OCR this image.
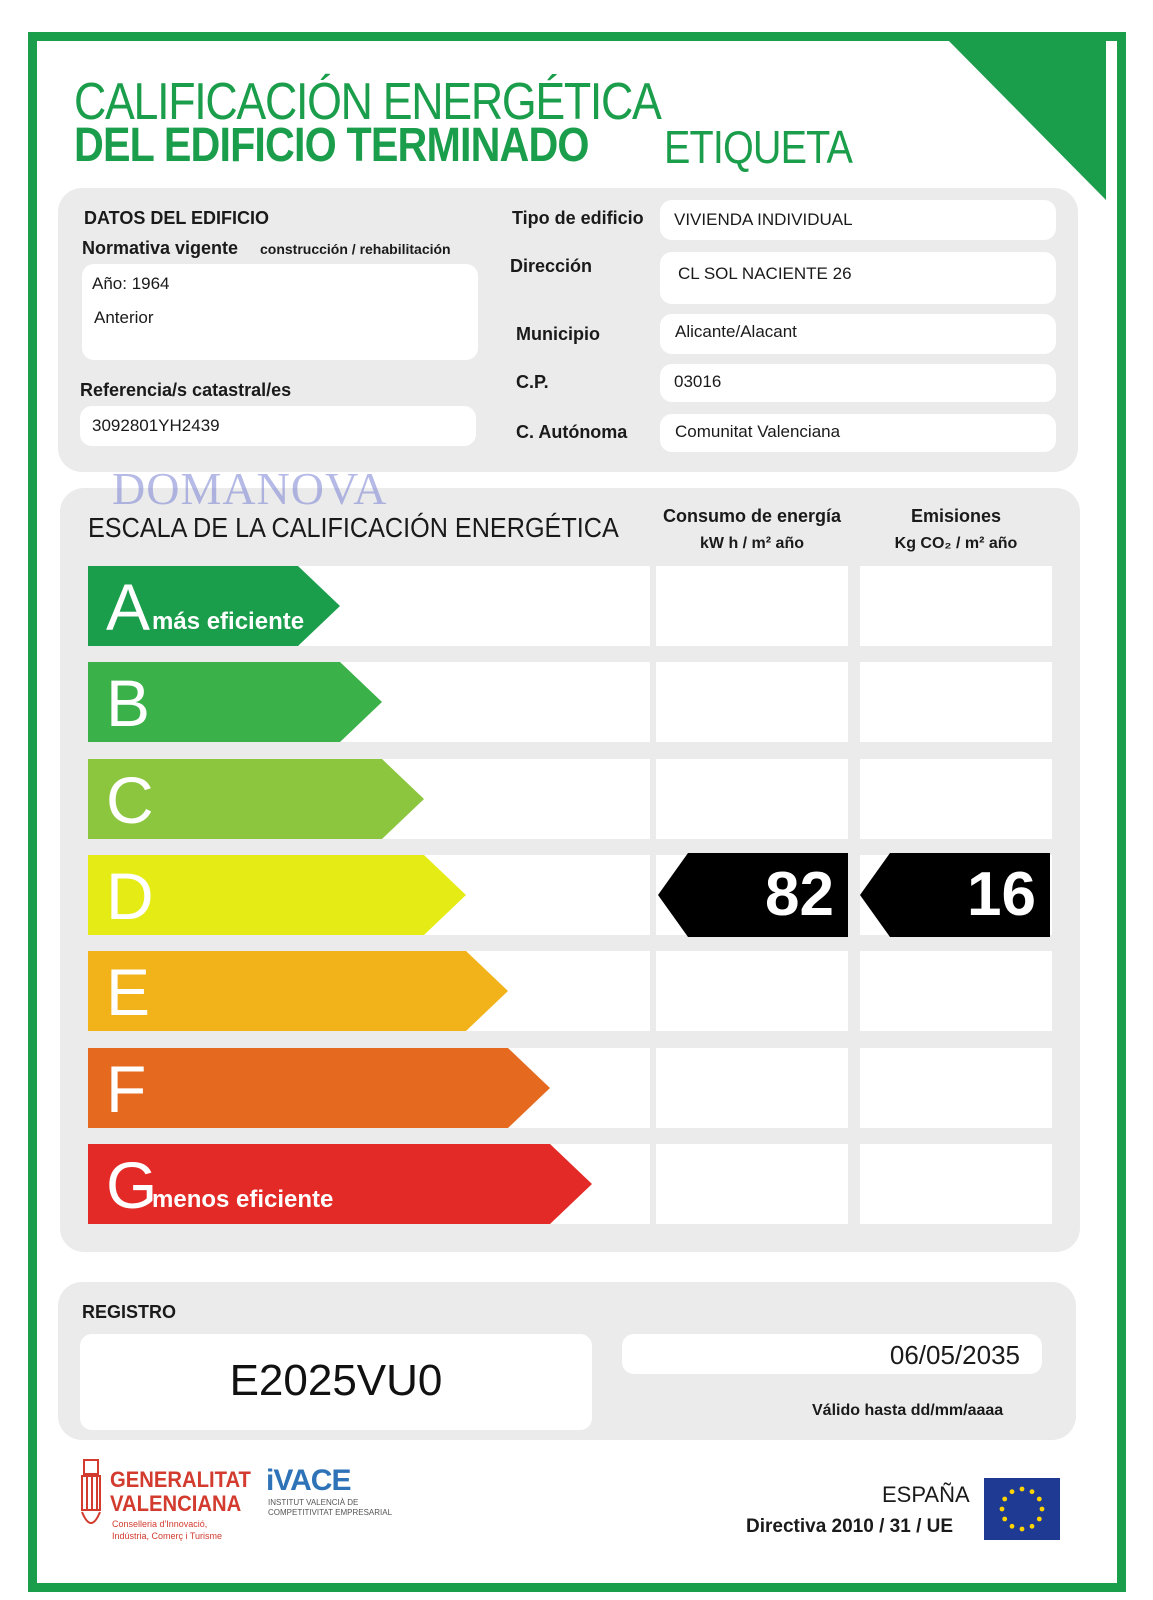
CALIFICACIÓN ENERGÉTICA
DEL EDIFICIO TERMINADO ETIQUETA
DATOS DEL EDIFICIO
Normativa vigente construcción / rehabilitación
Año: 1964
Anterior
Referencia/s catastral/es
3092801YH2439
Tipo de edificio VIVIENDA INDIVIDUAL
Dirección	CL SOL NACIENTE 26
Municipio	Alicante/Alacant
C.P.	03016
C. Autónoma	Comunitat Valenciana
ESCALA DE LA CALIFICACIÓN ENERGÉTICA	Consumo de energía
kW h / m² año
Emisiones
Kg CO₂ / m² año
A más eficiente
B
C
D	82 16
E
F
G
menos eficiente
DOMANOVA
REGISTRO
E2025VU0
06/05/2035
Válido hasta dd/mm/aaaa
GENERALITAT
VALENCIANA
Conselleria d'Innovació,
Indústria, Comerç i Turisme
iVACE
INSTITUT VALENCIÀ DE
COMPETITIVITAT EMPRESARIAL
ESPAÑA
Directiva 2010 / 31 / UE
